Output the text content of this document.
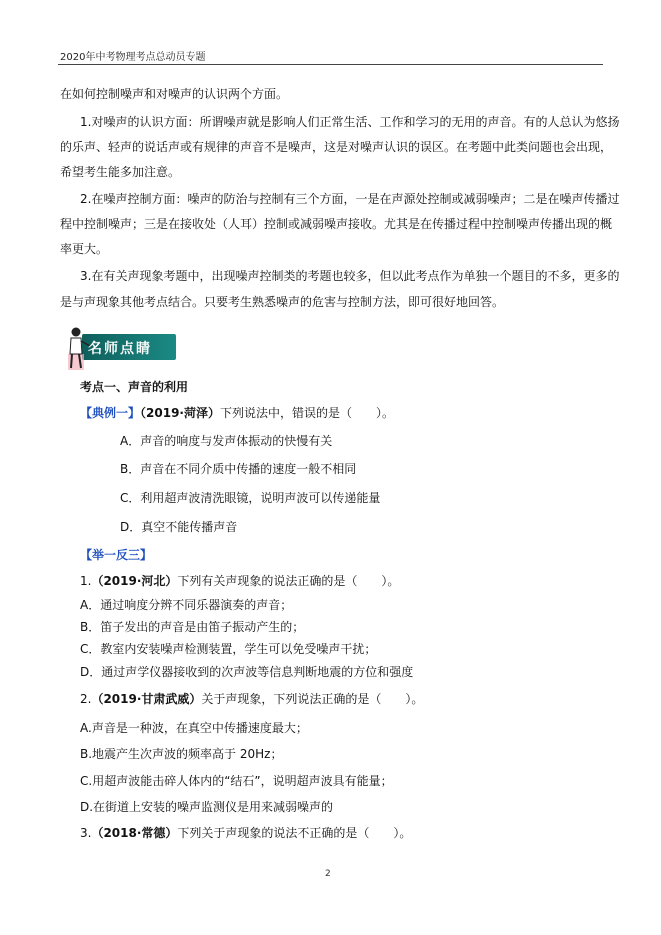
2020年中考物理考点总动员专题
在如何控制噪声和对噪声的认识两个方面。
1.对噪声的认识方面：所谓噪声就是影响人们正常生活、工作和学习的无用的声音。有的人总认为悠扬
的乐声、轻声的说话声或有规律的声音不是噪声，这是对噪声认识的误区。在考题中此类问题也会出现，
希望考生能多加注意。
2.在噪声控制方面：噪声的防治与控制有三个方面，一是在声源处控制或减弱噪声；二是在噪声传播过
程中控制噪声；三是在接收处（人耳）控制或减弱噪声接收。尤其是在传播过程中控制噪声传播出现的概
率更大。
3.在有关声现象考题中，出现噪声控制类的考题也较多，但以此考点作为单独一个题目的不多，更多的
是与声现象其他考点结合。只要考生熟悉噪声的危害与控制方法，即可很好地回答。
名师点睛
考点一、声音的利用
【典例一】（2019·菏泽）下列说法中，错误的是（　　）。
A．声音的响度与发声体振动的快慢有关
B．声音在不同介质中传播的速度一般不相同
C．利用超声波清洗眼镜，说明声波可以传递能量
D．真空不能传播声音
【举一反三】
1.（2019·河北）下列有关声现象的说法正确的是（　　）。
A．通过响度分辨不同乐器演奏的声音；
B．笛子发出的声音是由笛子振动产生的；
C．教室内安装噪声检测装置，学生可以免受噪声干扰；
D．通过声学仪器接收到的次声波等信息判断地震的方位和强度
2.（2019·甘肃武威）关于声现象，下列说法正确的是（　　）。
A.声音是一种波，在真空中传播速度最大；
B.地震产生次声波的频率高于 20Hz；
C.用超声波能击碎人体内的“结石”，说明超声波具有能量；
D.在街道上安装的噪声监测仪是用来减弱噪声的
3.（2018·常德）下列关于声现象的说法不正确的是（　　）。
2
